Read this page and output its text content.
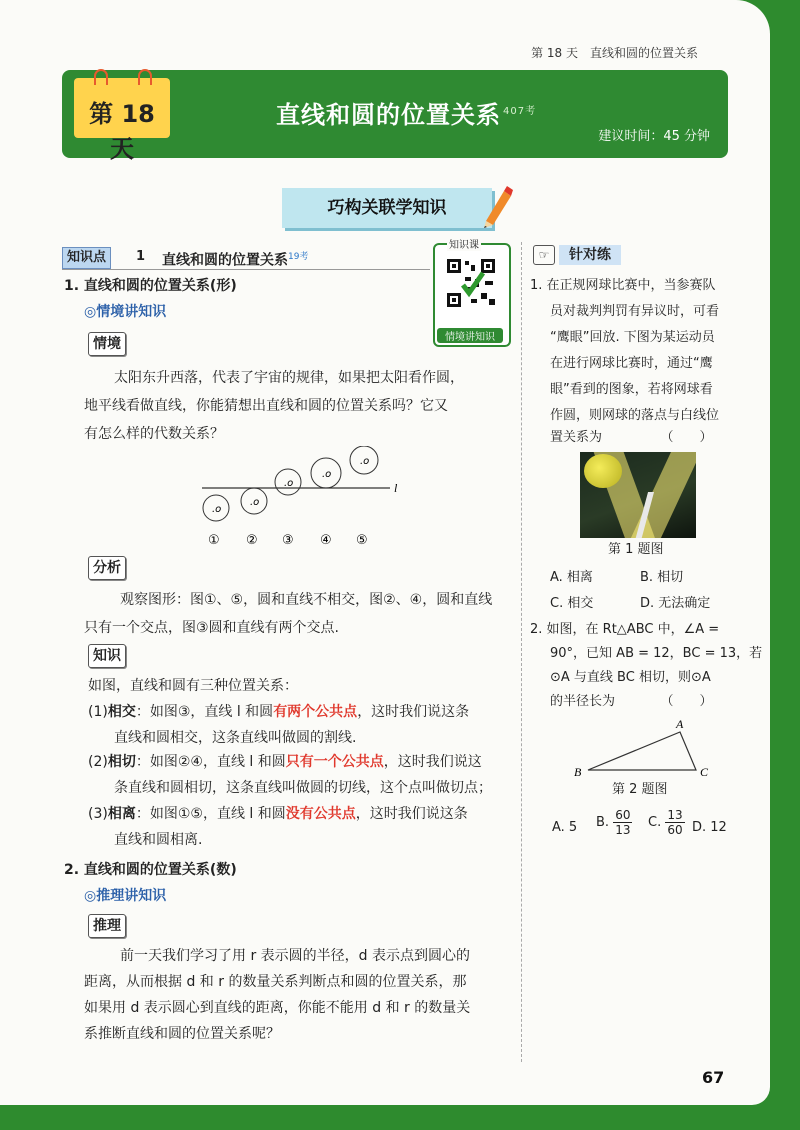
第 18 天　直线和圆的位置关系
第 18 天
直线和圆的位置关系 $^{407考}$
建议时间：45 分钟
巧构关联学知识
知识点	1 直线和圆的位置关系$^{19考}$
知识课
情境讲知识
1. 直线和圆的位置关系(形)
◎情境讲知识
情境
太阳东升西落，代表了宇宙的规律，如果把太阳看作圆，
地平线看做直线，你能猜想出直线和圆的位置关系吗？它又
有怎么样的代数关系？
l
.o
.o
.o
.o
.o
① ② ③ ④ ⑤
分析
观察图形：图①、⑤，圆和直线不相交，图②、④，圆和直线
只有一个交点，图③圆和直线有两个交点.
知识
如图，直线和圆有三种位置关系：
(1)相交：如图③，直线 l 和圆有两个公共点，这时我们说这条
直线和圆相交，这条直线叫做圆的割线.
(2)相切：如图②④，直线 l 和圆只有一个公共点，这时我们说这
条直线和圆相切，这条直线叫做圆的切线，这个点叫做切点；
(3)相离：如图①⑤，直线 l 和圆没有公共点，这时我们说这条
直线和圆相离.
2. 直线和圆的位置关系(数)
◎推理讲知识
推理
前一天我们学习了用 r 表示圆的半径，d 表示点到圆心的
距离，从而根据 d 和 r 的数量关系判断点和圆的位置关系，那
如果用 d 表示圆心到直线的距离，你能不能用 d 和 r 的数量关
系推断直线和圆的位置关系呢？
☞ 针对练
1. 在正规网球比赛中，当参赛队
员对裁判判罚有异议时，可看
“鹰眼”回放. 下图为某运动员
在进行网球比赛时，通过“鹰
眼”看到的图象，若将网球看
作圆，则网球的落点与白线位
置关系为　　　　　（　　）
第 1 题图
A. 相离	B. 相切
C. 相交	D. 无法确定
2. 如图，在 Rt△ABC 中，∠A =
90°，已知 AB = 12，BC = 13，若
⊙A 与直线 BC 相切，则⊙A
的半径长为　　　　（　　）
A
B	C
第 2 题图
A. 5 B. $\frac{60}{13} C$. $\frac{13}{60} D$. 12
67
